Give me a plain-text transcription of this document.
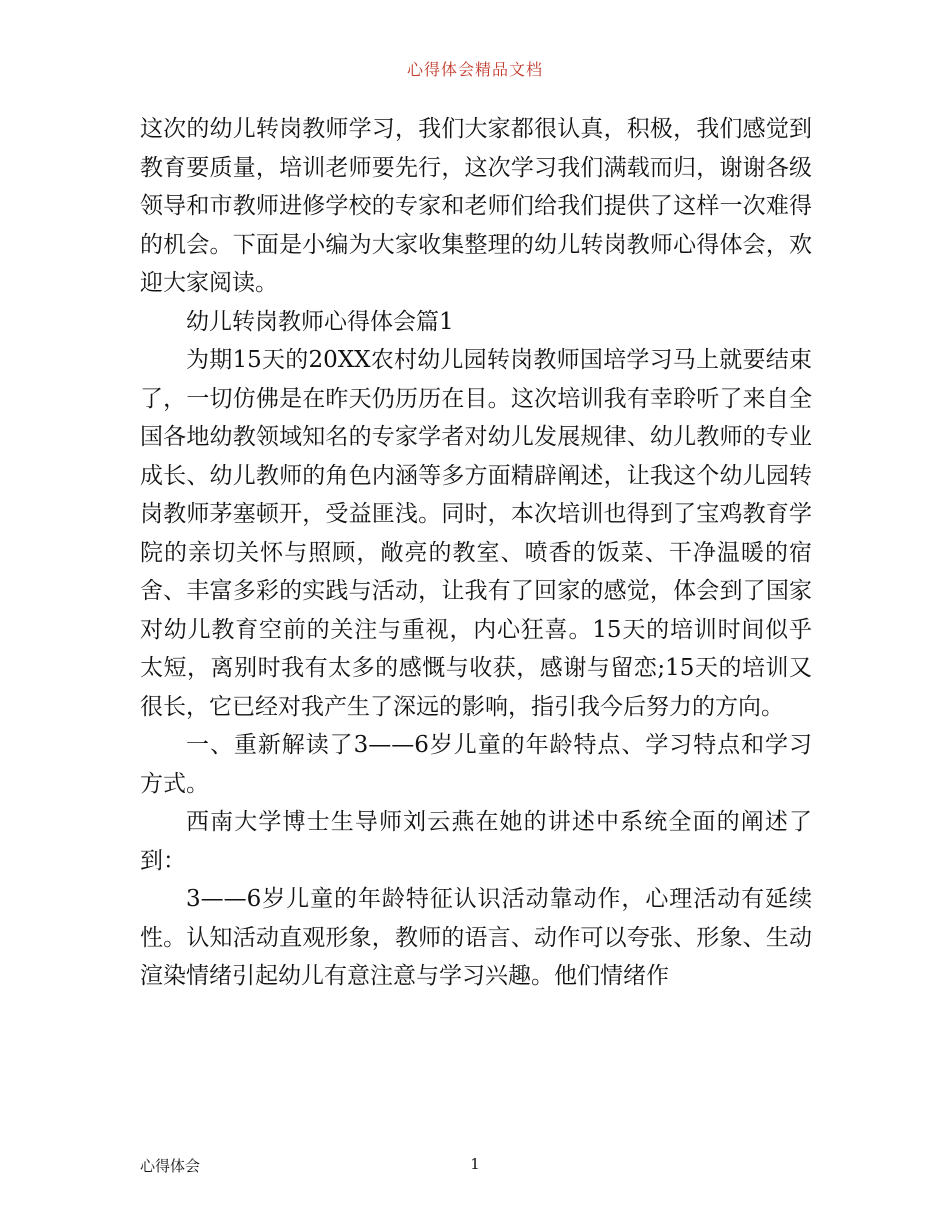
心得体会精品文档

这次的幼儿转岗教师学习，我们大家都很认真，积极，我们感觉到教育要质量，培训老师要先行，这次学习我们满载而归，谢谢各级领导和市教师进修学校的专家和老师们给我们提供了这样一次难得的机会。下面是小编为大家收集整理的幼儿转岗教师心得体会，欢迎大家阅读。

幼儿转岗教师心得体会篇1

为期15天的20XX农村幼儿园转岗教师国培学习马上就要结束了，一切仿佛是在昨天仍历历在目。这次培训我有幸聆听了来自全国各地幼教领域知名的专家学者对幼儿发展规律、幼儿教师的专业成长、幼儿教师的角色内涵等多方面精辟阐述，让我这个幼儿园转岗教师茅塞顿开，受益匪浅。同时，本次培训也得到了宝鸡教育学院的亲切关怀与照顾，敞亮的教室、喷香的饭菜、干净温暖的宿舍、丰富多彩的实践与活动，让我有了回家的感觉，体会到了国家对幼儿教育空前的关注与重视，内心狂喜。15天的培训时间似乎太短，离别时我有太多的感慨与收获，感谢与留恋;15天的培训又很长，它已经对我产生了深远的影响，指引我今后努力的方向。

一、重新解读了3——6岁儿童的年龄特点、学习特点和学习方式。

西南大学博士生导师刘云燕在她的讲述中系统全面的阐述了到：

3——6岁儿童的年龄特征认识活动靠动作，心理活动有延续性。认知活动直观形象，教师的语言、动作可以夸张、形象、生动渲染情绪引起幼儿有意注意与学习兴趣。他们情绪作

心得体会	1
